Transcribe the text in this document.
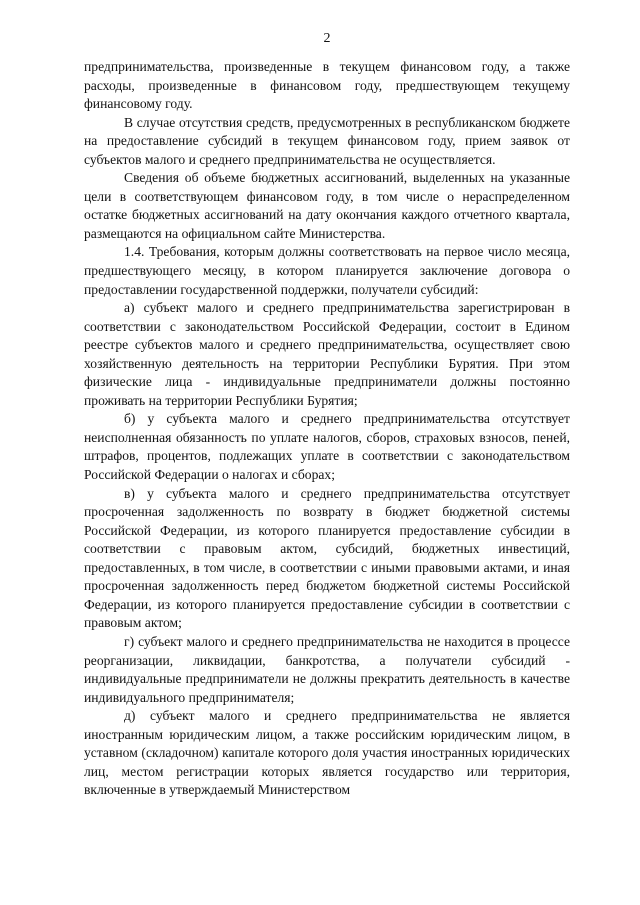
2

предпринимательства, произведенные в текущем финансовом году, а также расходы, произведенные в финансовом году, предшествующем текущему финансовому году.

В случае отсутствия средств, предусмотренных в республиканском бюджете на предоставление субсидий в текущем финансовом году, прием заявок от субъектов малого и среднего предпринимательства не осуществляется.

Сведения об объеме бюджетных ассигнований, выделенных на указанные цели в соответствующем финансовом году, в том числе о нераспределенном остатке бюджетных ассигнований на дату окончания каждого отчетного квартала, размещаются на официальном сайте Министерства.

1.4. Требования, которым должны соответствовать на первое число месяца, предшествующего месяцу, в котором планируется заключение договора о предоставлении государственной поддержки, получатели субсидий:

а) субъект малого и среднего предпринимательства зарегистрирован в соответствии с законодательством Российской Федерации, состоит в Едином реестре субъектов малого и среднего предпринимательства, осуществляет свою хозяйственную деятельность на территории Республики Бурятия. При этом физические лица - индивидуальные предприниматели должны постоянно проживать на территории Республики Бурятия;

б) у субъекта малого и среднего предпринимательства отсутствует неисполненная обязанность по уплате налогов, сборов, страховых взносов, пеней, штрафов, процентов, подлежащих уплате в соответствии с законодательством Российской Федерации о налогах и сборах;

в) у субъекта малого и среднего предпринимательства отсутствует просроченная задолженность по возврату в бюджет бюджетной системы Российской Федерации, из которого планируется предоставление субсидии в соответствии с правовым актом, субсидий, бюджетных инвестиций, предоставленных, в том числе, в соответствии с иными правовыми актами, и иная просроченная задолженность перед бюджетом бюджетной системы Российской Федерации, из которого планируется предоставление субсидии в соответствии с правовым актом;

г) субъект малого и среднего предпринимательства не находится в процессе реорганизации, ликвидации, банкротства, а получатели субсидий - индивидуальные предприниматели не должны прекратить деятельность в качестве индивидуального предпринимателя;

д) субъект малого и среднего предпринимательства не является иностранным юридическим лицом, а также российским юридическим лицом, в уставном (складочном) капитале которого доля участия иностранных юридических лиц, местом регистрации которых является государство или территория, включенные в утверждаемый Министерством
